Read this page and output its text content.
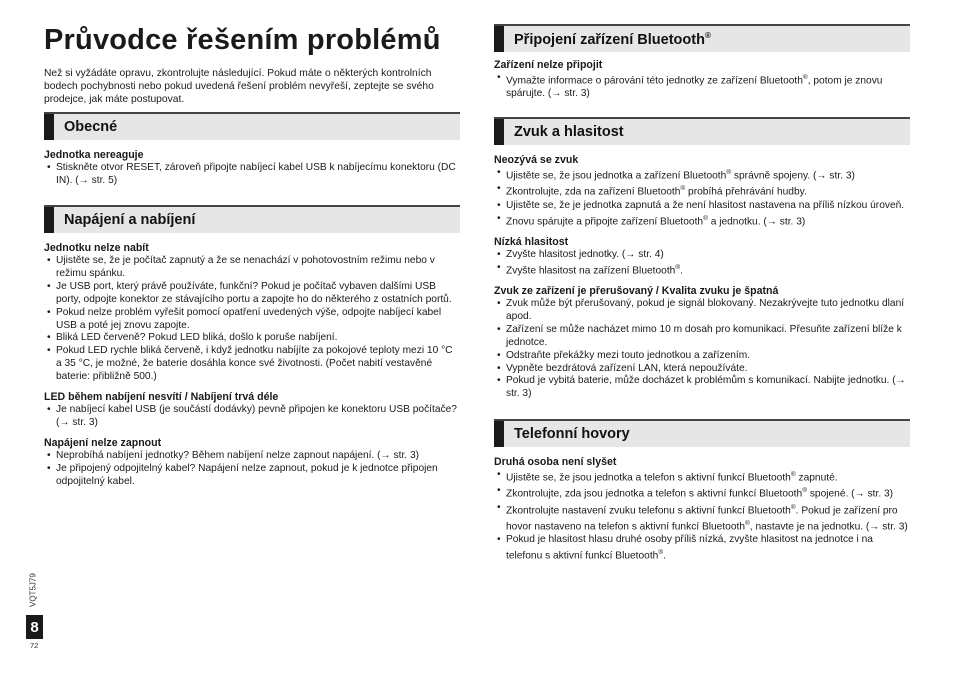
Průvodce řešením problémů

Než si vyžádáte opravu, zkontrolujte následující. Pokud máte o některých kontrolních bodech pochybnosti nebo pokud uvedená řešení problém nevyřeší, zeptejte se svého prodejce, jak máte postupovat.

Obecné

Jednotka nereaguje

• Stiskněte otvor RESET, zároveň připojte nabíjecí kabel USB k nabíjecímu konektoru (DC IN). (→ str. 5)
Napájení a nabíjení

Jednotku nelze nabít

• Ujistěte se, že je počítač zapnutý a že se nenachází v pohotovostním režimu nebo v režimu spánku.
• Je USB port, který právě používáte, funkční? Pokud je počítač vybaven dalšími USB porty, odpojte konektor ze stávajícího portu a zapojte ho do některého z ostatních portů.
• Pokud nelze problém vyřešit pomocí opatření uvedených výše, odpojte nabíjecí kabel USB a poté jej znovu zapojte.
• Bliká LED červeně? Pokud LED bliká, došlo k poruše nabíjení.
• Pokud LED rychle bliká červeně, i když jednotku nabíjíte za pokojové teploty mezi 10 °C a 35 °C, je možné, že baterie dosáhla konce své životnosti. (Počet nabití vestavěné baterie: přibližně 500.)

LED během nabíjení nesvítí / Nabíjení trvá déle

• Je nabíjecí kabel USB (je součástí dodávky) pevně připojen ke konektoru USB počítače? (→ str. 3)

Napájení nelze zapnout

• Neprobíhá nabíjení jednotky? Během nabíjení nelze zapnout napájení. (→ str. 3)
• Je připojený odpojitelný kabel? Napájení nelze zapnout, pokud je k jednotce připojen odpojitelný kabel.
Připojení zařízení Bluetooth®

Zařízení nelze připojit

• Vymažte informace o párování této jednotky ze zařízení Bluetooth®, potom je znovu spárujte. (→ str. 3)
Zvuk a hlasitost

Neozývá se zvuk

• Ujistěte se, že jsou jednotka a zařízení Bluetooth® správně spojeny. (→ str. 3)
• Zkontrolujte, zda na zařízení Bluetooth® probíhá přehrávání hudby.
• Ujistěte se, že je jednotka zapnutá a že není hlasitost nastavena na příliš nízkou úroveň.
• Znovu spárujte a připojte zařízení Bluetooth® a jednotku. (→ str. 3)

Nízká hlasitost

• Zvyšte hlasitost jednotky. (→ str. 4)
• Zvyšte hlasitost na zařízení Bluetooth®.

Zvuk ze zařízení je přerušovaný / Kvalita zvuku je špatná

• Zvuk může být přerušovaný, pokud je signál blokovaný. Nezakrývejte tuto jednotku dlaní apod.
• Zařízení se může nacházet mimo 10 m dosah pro komunikaci. Přesuňte zařízení blíže k jednotce.
• Odstraňte překážky mezi touto jednotkou a zařízením.
• Vypněte bezdrátová zařízení LAN, která nepoužíváte.
• Pokud je vybitá baterie, může docházet k problémům s komunikací. Nabijte jednotku. (→ str. 3)
Telefonní hovory

Druhá osoba není slyšet

• Ujistěte se, že jsou jednotka a telefon s aktivní funkcí Bluetooth® zapnuté.
• Zkontrolujte, zda jsou jednotka a telefon s aktivní funkcí Bluetooth® spojené. (→ str. 3)
• Zkontrolujte nastavení zvuku telefonu s aktivní funkcí Bluetooth®. Pokud je zařízení pro hovor nastaveno na telefon s aktivní funkcí Bluetooth®, nastavte je na jednotku. (→ str. 3)
• Pokud je hlasitost hlasu druhé osoby příliš nízká, zvyšte hlasitost na jednotce i na telefonu s aktivní funkcí Bluetooth®.
VQT5J79
8
72
